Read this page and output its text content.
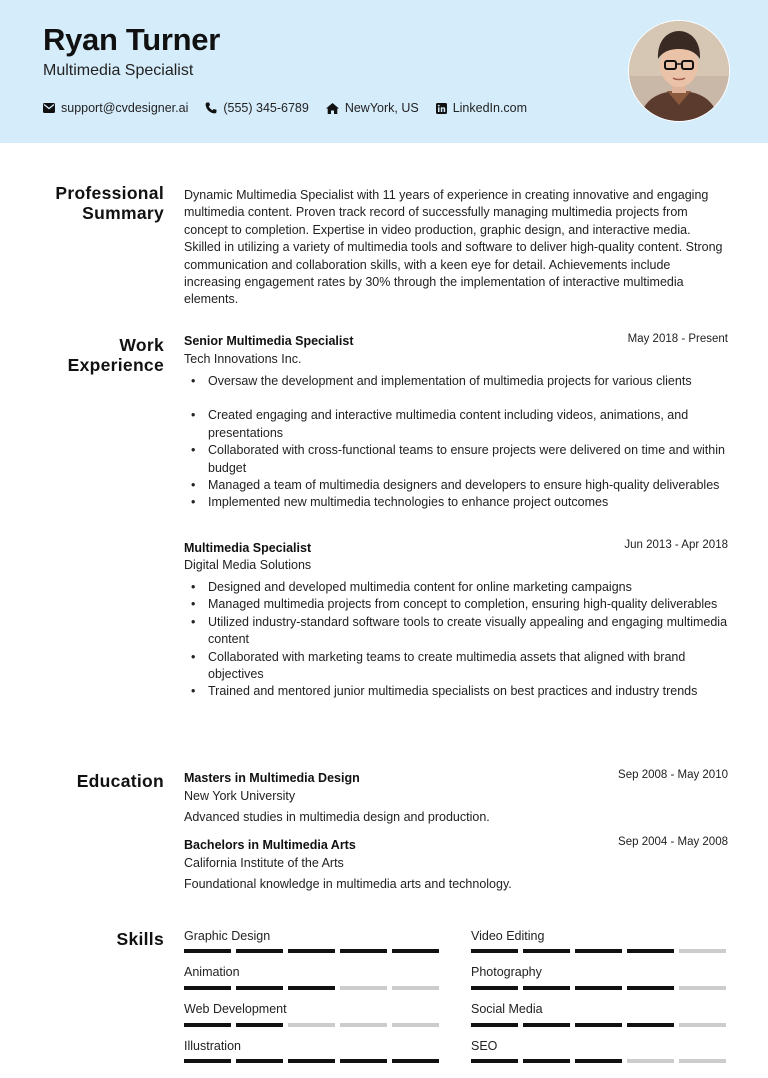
Ryan Turner
Multimedia Specialist
support@cvdesigner.ai	(555) 345-6789	NewYork, US	LinkedIn.com
Professional
Summary
Dynamic Multimedia Specialist with 11 years of experience in creating innovative and engaging multimedia content. Proven track record of successfully managing multimedia projects from concept to completion. Expertise in video production, graphic design, and interactive media. Skilled in utilizing a variety of multimedia tools and software to deliver high-quality content. Strong communication and collaboration skills, with a keen eye for detail. Achievements include increasing engagement rates by 30% through the implementation of interactive multimedia elements.
Work
Experience
Senior Multimedia Specialist	May 2018 - Present
Tech Innovations Inc.
• Oversaw the development and implementation of multimedia projects for various clients
• Created engaging and interactive multimedia content including videos, animations, and presentations
• Collaborated with cross-functional teams to ensure projects were delivered on time and within budget
• Managed a team of multimedia designers and developers to ensure high-quality deliverables
• Implemented new multimedia technologies to enhance project outcomes
Multimedia Specialist	Jun 2013 - Apr 2018
Digital Media Solutions
• Designed and developed multimedia content for online marketing campaigns
• Managed multimedia projects from concept to completion, ensuring high-quality deliverables
• Utilized industry-standard software tools to create visually appealing and engaging multimedia content
• Collaborated with marketing teams to create multimedia assets that aligned with brand objectives
• Trained and mentored junior multimedia specialists on best practices and industry trends
Education Masters in Multimedia Design	Sep 2008 - May 2010
New York University
Advanced studies in multimedia design and production.
Bachelors in Multimedia Arts	Sep 2004 - May 2008
California Institute of the Arts
Foundational knowledge in multimedia arts and technology.
Skills Graphic Design	Video Editing
Animation	Photography
Web Development	Social Media
Illustration	SEO
